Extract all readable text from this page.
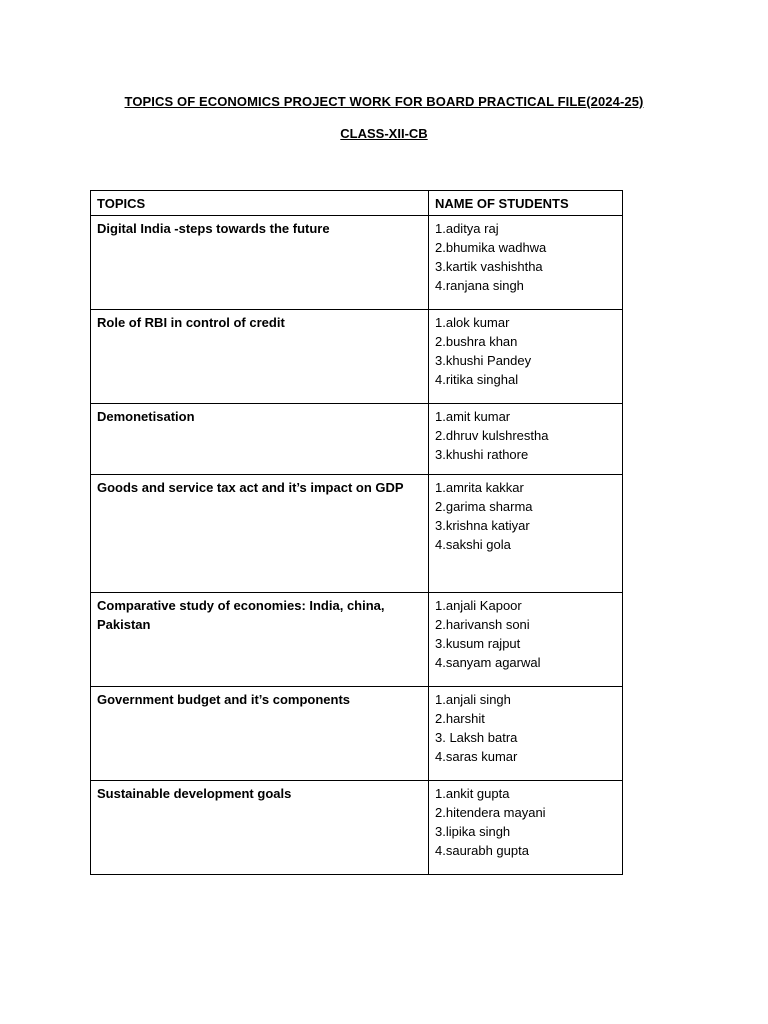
TOPICS OF ECONOMICS PROJECT WORK FOR BOARD PRACTICAL FILE(2024-25)
CLASS-XII-CB
TOPICS	NAME OF STUDENTS
Digital India -steps towards the future	1.aditya raj
2.bhumika wadhwa
3.kartik vashishtha
4.ranjana singh

Role of RBI in control of credit	1.alok kumar
2.bushra khan
3.khushi Pandey
4.ritika singhal

Demonetisation	1.amit kumar
2.dhruv kulshrestha
3.khushi rathore

Goods and service tax act and it’s impact on GDP	1.amrita kakkar
2.garima sharma
3.krishna katiyar
4.sakshi gola

Comparative study of economies: India, china, Pakistan	1.anjali Kapoor
2.harivansh soni
3.kusum rajput
4.sanyam agarwal

Government budget and it’s components	1.anjali singh
2.harshit
3. Laksh batra
4.saras kumar

Sustainable development goals	1.ankit gupta
2.hitendera mayani
3.lipika singh
4.saurabh gupta
